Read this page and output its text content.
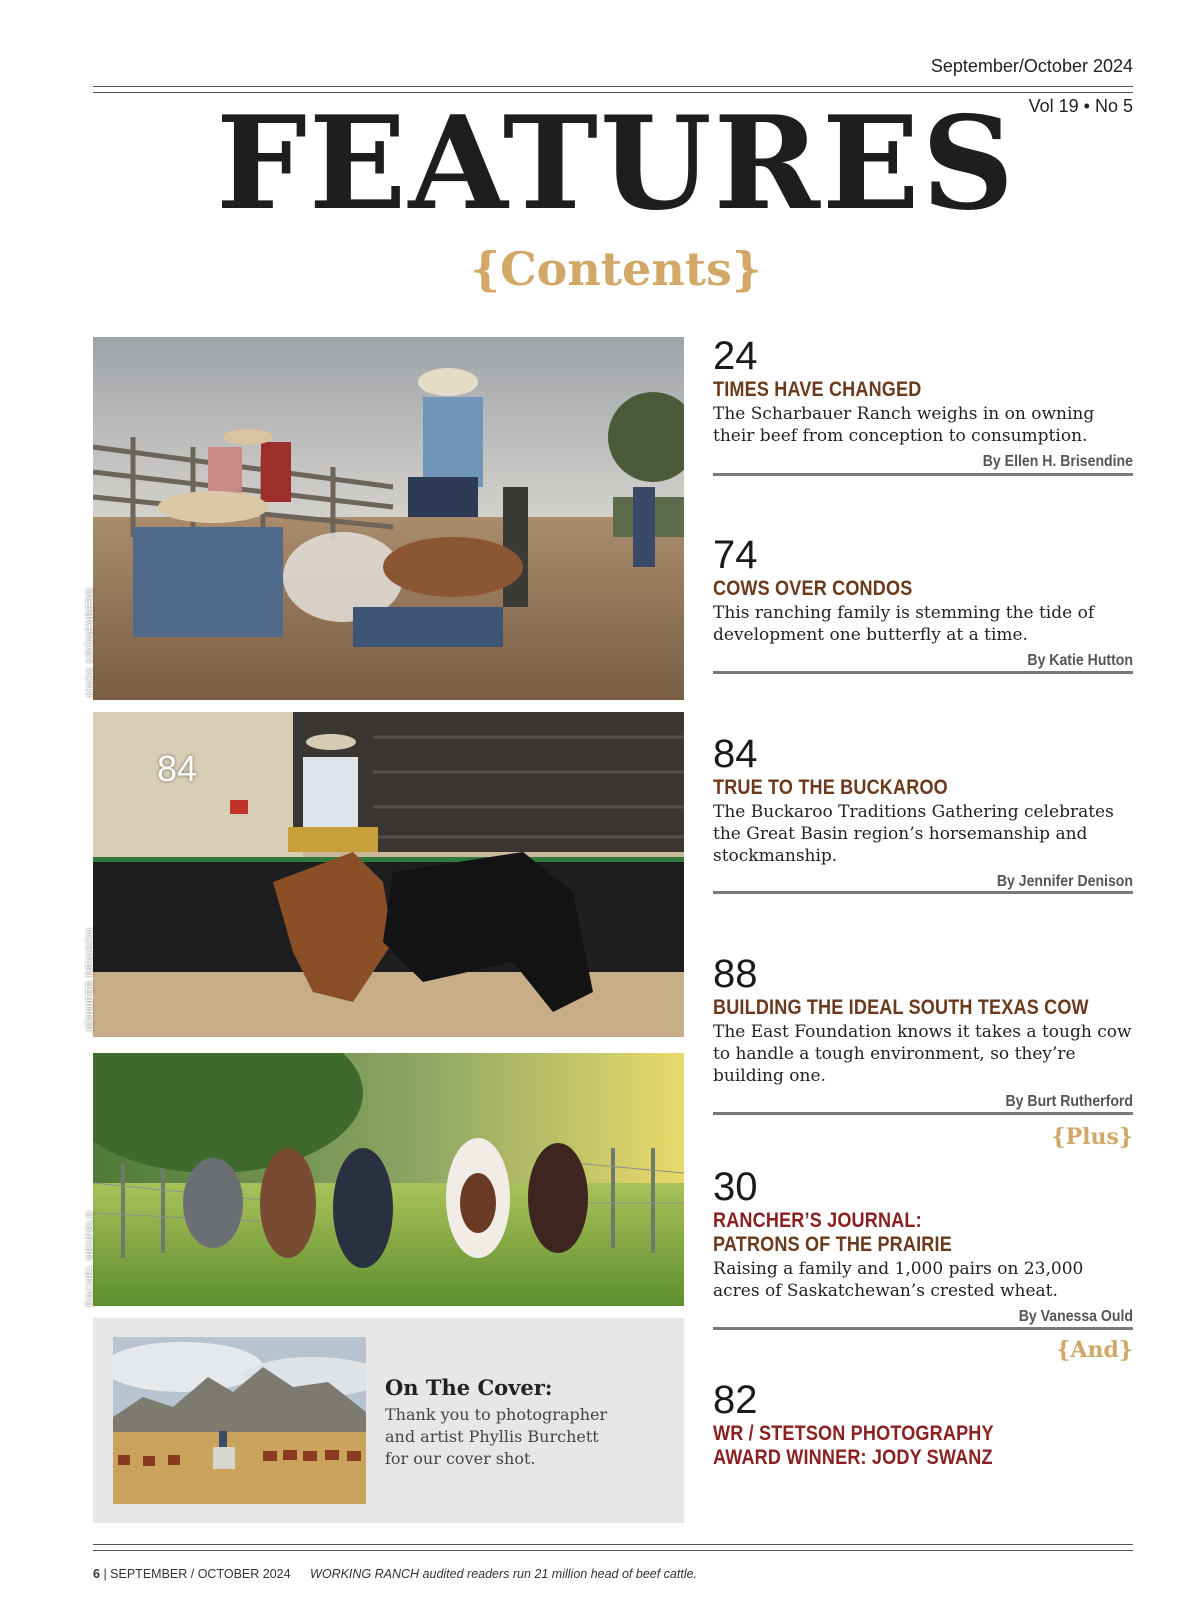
September/October 2024
Vol 19 • No 5
FEATURES
{Contents}
KNOX KRONENBERG
JENNIFER DENISON
84
RACHEL NEUFELD
On The Cover:
Thank you to photographer and artist Phyllis Burchett for our cover shot.
24
TIMES HAVE CHANGED
The Scharbauer Ranch weighs in on owning their beef from conception to consumption.
By Ellen H. Brisendine
74
COWS OVER CONDOS
This ranching family is stemming the tide of development one butterfly at a time.
By Katie Hutton
84
TRUE TO THE BUCKAROO
The Buckaroo Traditions Gathering celebrates the Great Basin region’s horsemanship and stockmanship.
By Jennifer Denison
88
BUILDING THE IDEAL SOUTH TEXAS COW
The East Foundation knows it takes a tough cow to handle a tough environment, so they’re building one.
By Burt Rutherford
{Plus}
30
RANCHER’S JOURNAL:
PATRONS OF THE PRAIRIE
Raising a family and 1,000 pairs on 23,000 acres of Saskatchewan’s crested wheat.
By Vanessa Ould
{And}
82
WR / STETSON PHOTOGRAPHY
AWARD WINNER: JODY SWANZ
6 | SEPTEMBER / OCTOBER 2024 WORKING RANCH audited readers run 21 million head of beef cattle.
